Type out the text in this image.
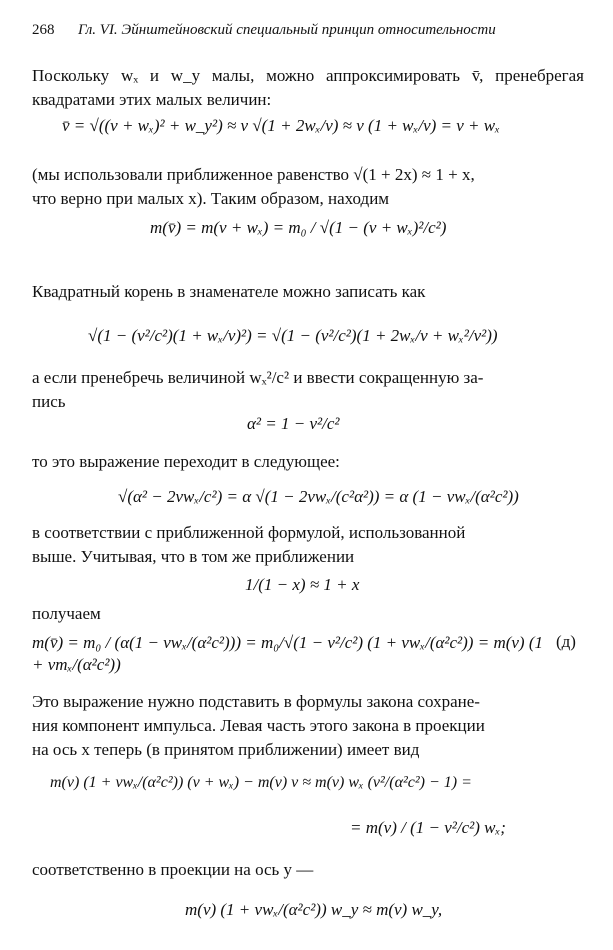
268 Гл. VI. Эйнштейновский специальный принцип относительности
Поскольку wₓ и w_y малы, можно аппроксимировать v̄, пренебрегая квадратами этих малых величин:
v̄ = √((v + wₓ)² + w_y²) ≈ v √(1 + 2wₓ/v) ≈ v (1 + wₓ/v) = v + wₓ
(мы использовали приближенное равенство √(1 + 2x) ≈ 1 + x,
что верно при малых x). Таким образом, находим
m(v̄) = m(v + wₓ) = m₀ / √(1 − (v + wₓ)²/c²)
Квадратный корень в знаменателе можно записать как
√(1 − (v²/c²)(1 + wₓ/v)²) = √(1 − (v²/c²)(1 + 2wₓ/v + wₓ²/v²))
а если пренебречь величиной wₓ²/c² и ввести сокращенную за-
пись
α² = 1 − v²/c²
то это выражение переходит в следующее:
√(α² − 2vwₓ/c²) = α √(1 − 2vwₓ/(c²α²)) = α (1 − vwₓ/(α²c²))
в соответствии с приближенной формулой, использованной
выше. Учитывая, что в том же приближении
1/(1 − x) ≈ 1 + x
получаем
m(v̄) = m₀ / (α(1 − vwₓ/(α²c²))) = m₀/√(1 − v²/c²) (1 + vwₓ/(α²c²)) = m(v) (1 + vmₓ/(α²c²))
(д)
Это выражение нужно подставить в формулы закона сохране-
ния компонент импульса. Левая часть этого закона в проекции
на ось x теперь (в принятом приближении) имеет вид
m(v) (1 + vwₓ/(α²c²)) (v + wₓ) − m(v) v ≈ m(v) wₓ (v²/(α²c²) − 1) =
= m(v) / (1 − v²/c²) wₓ;
соответственно в проекции на ось y —
m(v) (1 + vwₓ/(α²c²)) w_y ≈ m(v) w_y,
